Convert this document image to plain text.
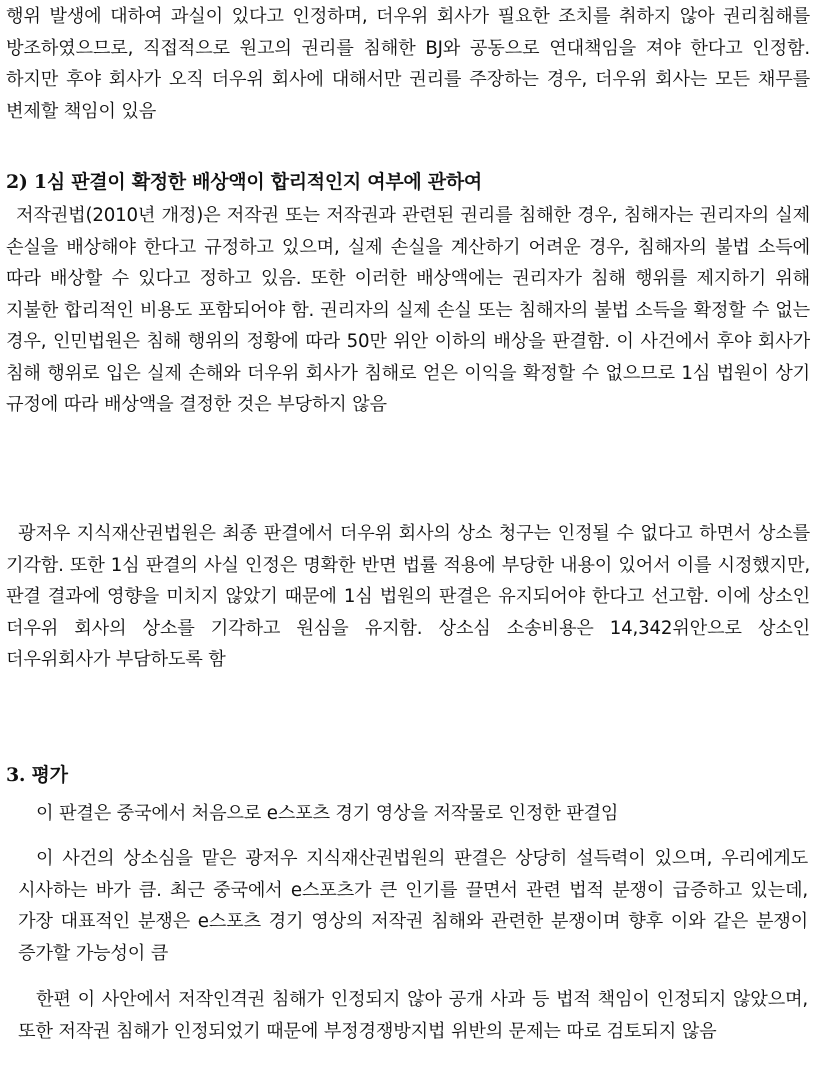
행위 발생에 대하여 과실이 있다고 인정하며, 더우위 회사가 필요한 조치를 취하지 않아 권리침해를 방조하였으므로, 직접적으로 원고의 권리를 침해한 BJ와 공동으로 연대책임을 져야 한다고 인정함. 하지만 후야 회사가 오직 더우위 회사에 대해서만 권리를 주장하는 경우, 더우위 회사는 모든 채무를 변제할 책임이 있음

2) 1심 판결이 확정한 배상액이 합리적인지 여부에 관하여

저작권법(2010년 개정)은 저작권 또는 저작권과 관련된 권리를 침해한 경우, 침해자는 권리자의 실제 손실을 배상해야 한다고 규정하고 있으며, 실제 손실을 계산하기 어려운 경우, 침해자의 불법 소득에 따라 배상할 수 있다고 정하고 있음. 또한 이러한 배상액에는 권리자가 침해 행위를 제지하기 위해 지불한 합리적인 비용도 포함되어야 함. 권리자의 실제 손실 또는 침해자의 불법 소득을 확정할 수 없는 경우, 인민법원은 침해 행위의 정황에 따라 50만 위안 이하의 배상을 판결함. 이 사건에서 후야 회사가 침해 행위로 입은 실제 손해와 더우위 회사가 침해로 얻은 이익을 확정할 수 없으므로 1심 법원이 상기 규정에 따라 배상액을 결정한 것은 부당하지 않음

광저우 지식재산권법원은 최종 판결에서 더우위 회사의 상소 청구는 인정될 수 없다고 하면서 상소를 기각함. 또한 1심 판결의 사실 인정은 명확한 반면 법률 적용에 부당한 내용이 있어서 이를 시정했지만, 판결 결과에 영향을 미치지 않았기 때문에 1심 법원의 판결은 유지되어야 한다고 선고함. 이에 상소인 더우위 회사의 상소를 기각하고 원심을 유지함. 상소심 소송비용은 14,342위안으로 상소인 더우위회사가 부담하도록 함

3. 평가

이 판결은 중국에서 처음으로 e스포츠 경기 영상을 저작물로 인정한 판결임

이 사건의 상소심을 맡은 광저우 지식재산권법원의 판결은 상당히 설득력이 있으며, 우리에게도 시사하는 바가 큼. 최근 중국에서 e스포츠가 큰 인기를 끌면서 관련 법적 분쟁이 급증하고 있는데, 가장 대표적인 분쟁은 e스포츠 경기 영상의 저작권 침해와 관련한 분쟁이며 향후 이와 같은 분쟁이 증가할 가능성이 큼

한편 이 사안에서 저작인격권 침해가 인정되지 않아 공개 사과 등 법적 책임이 인정되지 않았으며, 또한 저작권 침해가 인정되었기 때문에 부정경쟁방지법 위반의 문제는 따로 검토되지 않음
